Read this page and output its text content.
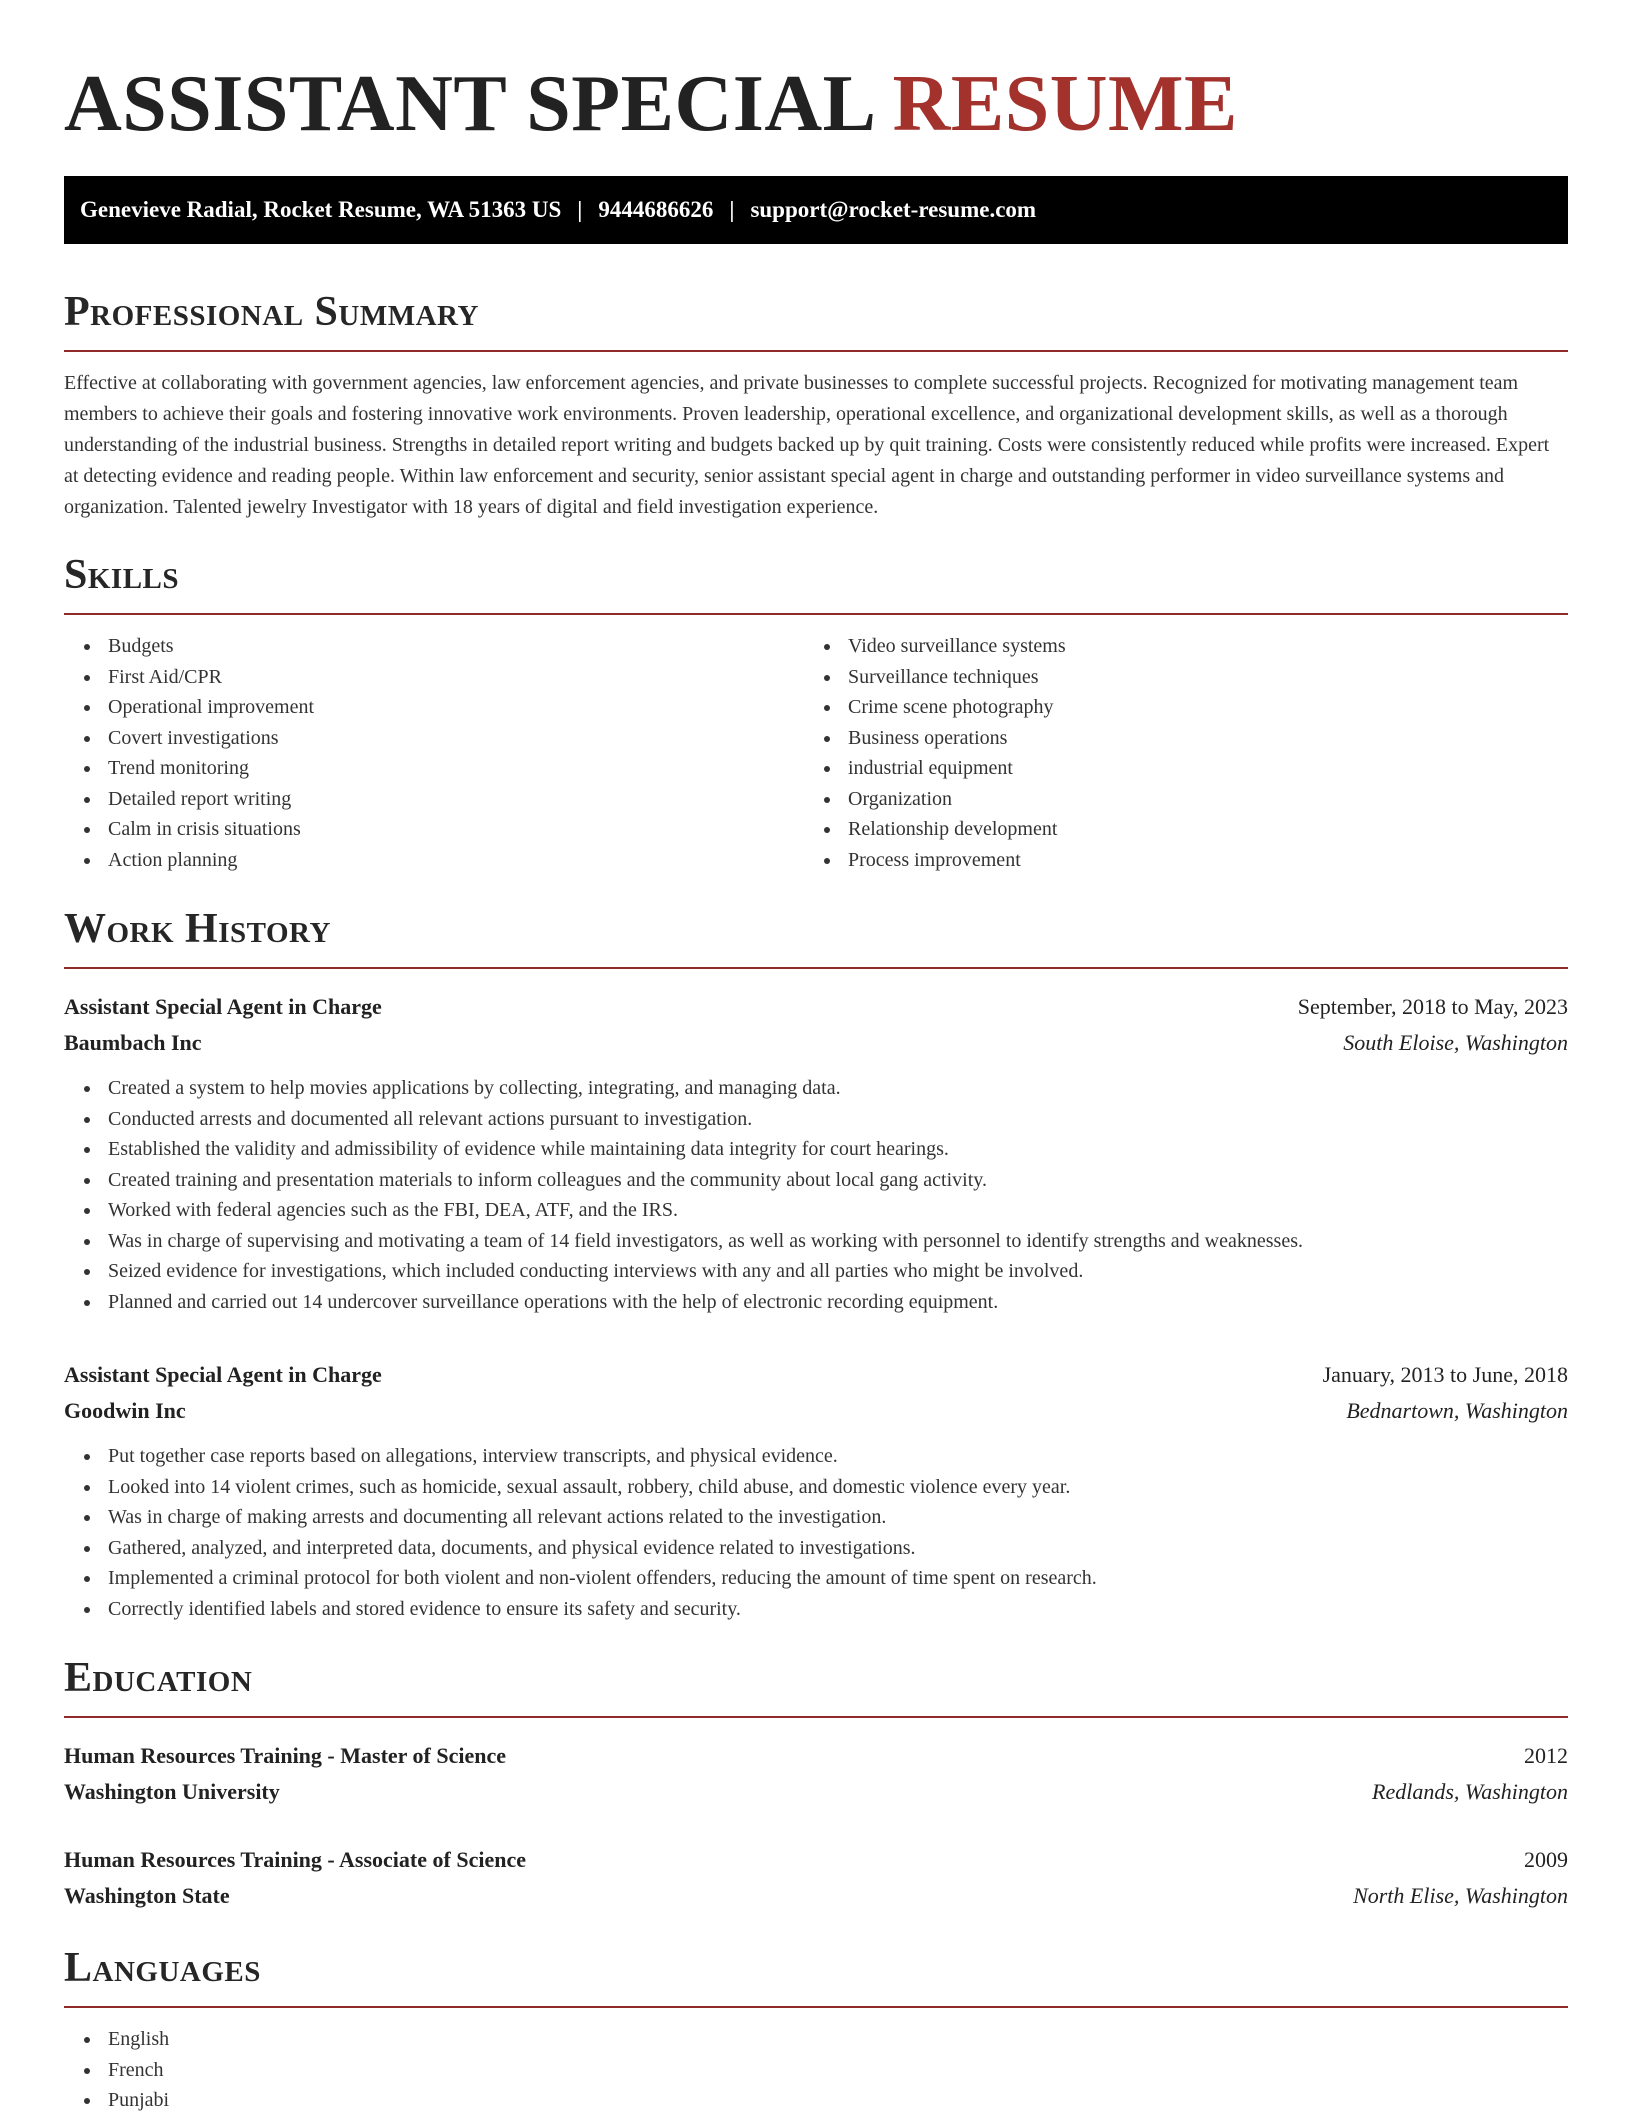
ASSISTANT SPECIAL RESUME
Genevieve Radial, Rocket Resume, WA 51363 US | 9444686626 | support@rocket-resume.com
Professional Summary

Effective at collaborating with government agencies, law enforcement agencies, and private businesses to complete successful projects. Recognized for motivating management team members to achieve their goals and fostering innovative work environments. Proven leadership, operational excellence, and organizational development skills, as well as a thorough understanding of the industrial business. Strengths in detailed report writing and budgets backed up by quit training. Costs were consistently reduced while profits were increased. Expert at detecting evidence and reading people. Within law enforcement and security, senior assistant special agent in charge and outstanding performer in video surveillance systems and organization. Talented jewelry Investigator with 18 years of digital and field investigation experience.

Skills
Budgets
First Aid/CPR
Operational improvement
Covert investigations
Trend monitoring
Detailed report writing
Calm in crisis situations
Action planning
Video surveillance systems
Surveillance techniques
Crime scene photography
Business operations
industrial equipment
Organization
Relationship development
Process improvement
Work History
Assistant Special Agent in Charge	September, 2018 to May, 2023
Baumbach Inc	South Eloise, Washington
Created a system to help movies applications by collecting, integrating, and managing data.
Conducted arrests and documented all relevant actions pursuant to investigation.
Established the validity and admissibility of evidence while maintaining data integrity for court hearings.
Created training and presentation materials to inform colleagues and the community about local gang activity.
Worked with federal agencies such as the FBI, DEA, ATF, and the IRS.
Was in charge of supervising and motivating a team of 14 field investigators, as well as working with personnel to identify strengths and weaknesses.
Seized evidence for investigations, which included conducting interviews with any and all parties who might be involved.
Planned and carried out 14 undercover surveillance operations with the help of electronic recording equipment.
Assistant Special Agent in Charge	January, 2013 to June, 2018
Goodwin Inc	Bednartown, Washington
Put together case reports based on allegations, interview transcripts, and physical evidence.
Looked into 14 violent crimes, such as homicide, sexual assault, robbery, child abuse, and domestic violence every year.
Was in charge of making arrests and documenting all relevant actions related to the investigation.
Gathered, analyzed, and interpreted data, documents, and physical evidence related to investigations.
Implemented a criminal protocol for both violent and non-violent offenders, reducing the amount of time spent on research.
Correctly identified labels and stored evidence to ensure its safety and security.
Education
Human Resources Training - Master of Science	2012
Washington University	Redlands, Washington
Human Resources Training - Associate of Science	2009
Washington State	North Elise, Washington
Languages
English
French
Punjabi
